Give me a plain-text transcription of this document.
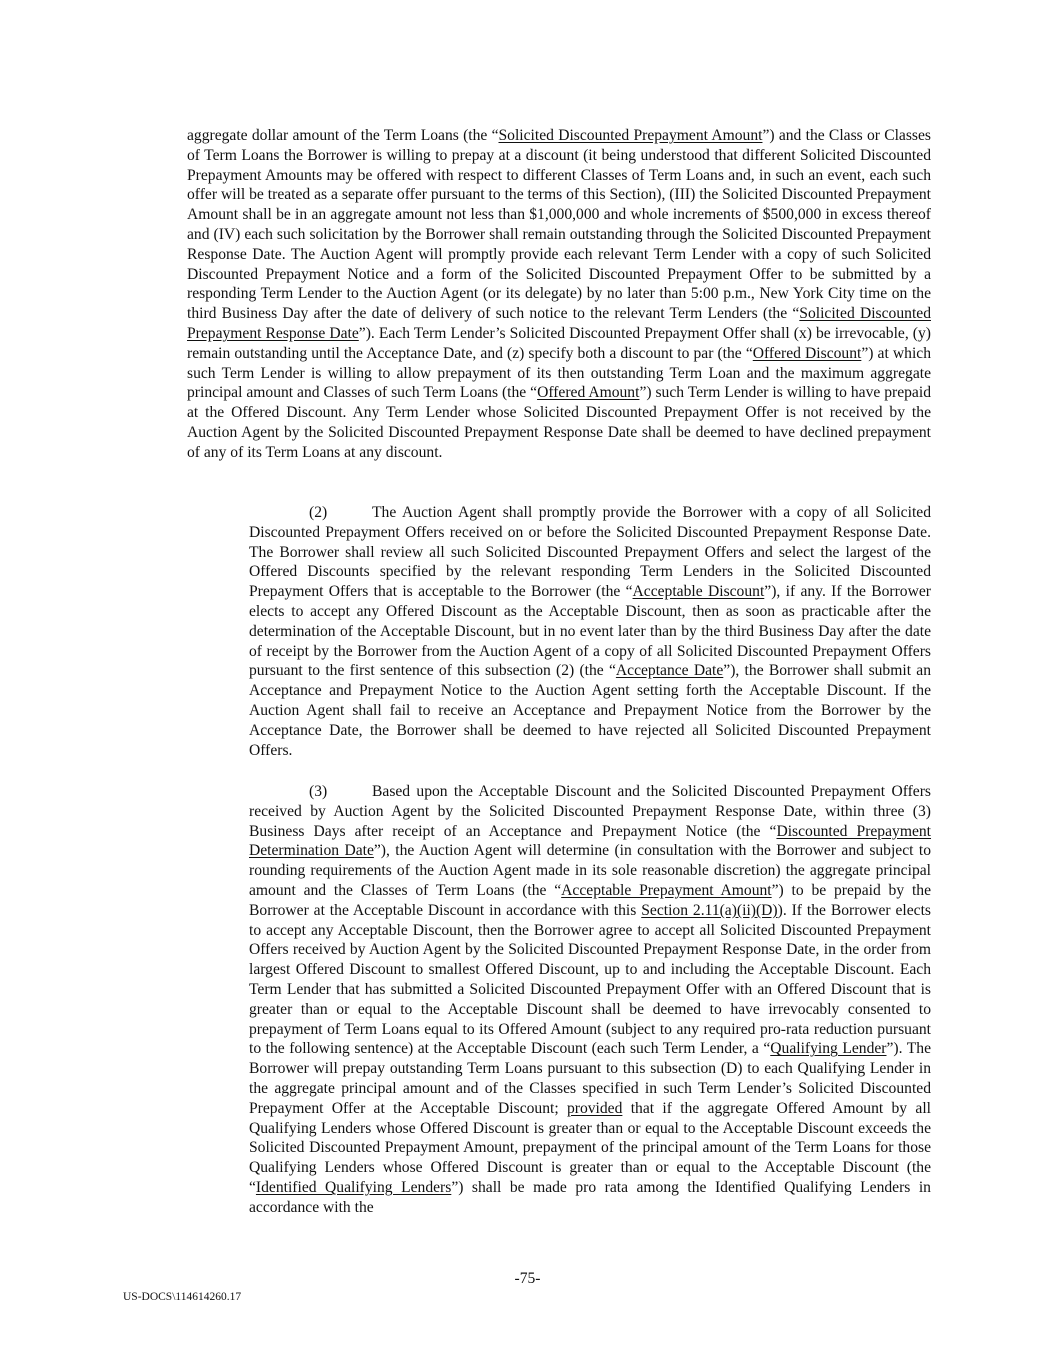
aggregate dollar amount of the Term Loans (the “Solicited Discounted Prepayment Amount”) and the Class or Classes of Term Loans the Borrower is willing to prepay at a discount (it being understood that different Solicited Discounted Prepayment Amounts may be offered with respect to different Classes of Term Loans and, in such an event, each such offer will be treated as a separate offer pursuant to the terms of this Section), (III) the Solicited Discounted Prepayment Amount shall be in an aggregate amount not less than $1,000,000 and whole increments of $500,000 in excess thereof and (IV) each such solicitation by the Borrower shall remain outstanding through the Solicited Discounted Prepayment Response Date. The Auction Agent will promptly provide each relevant Term Lender with a copy of such Solicited Discounted Prepayment Notice and a form of the Solicited Discounted Prepayment Offer to be submitted by a responding Term Lender to the Auction Agent (or its delegate) by no later than 5:00 p.m., New York City time on the third Business Day after the date of delivery of such notice to the relevant Term Lenders (the “Solicited Discounted Prepayment Response Date”). Each Term Lender’s Solicited Discounted Prepayment Offer shall (x) be irrevocable, (y) remain outstanding until the Acceptance Date, and (z) specify both a discount to par (the “Offered Discount”) at which such Term Lender is willing to allow prepayment of its then outstanding Term Loan and the maximum aggregate principal amount and Classes of such Term Loans (the “Offered Amount”) such Term Lender is willing to have prepaid at the Offered Discount. Any Term Lender whose Solicited Discounted Prepayment Offer is not received by the Auction Agent by the Solicited Discounted Prepayment Response Date shall be deemed to have declined prepayment of any of its Term Loans at any discount.

(2)	The Auction Agent shall promptly provide the Borrower with a copy of all Solicited Discounted Prepayment Offers received on or before the Solicited Discounted Prepayment Response Date. The Borrower shall review all such Solicited Discounted Prepayment Offers and select the largest of the Offered Discounts specified by the relevant responding Term Lenders in the Solicited Discounted Prepayment Offers that is acceptable to the Borrower (the “Acceptable Discount”), if any. If the Borrower elects to accept any Offered Discount as the Acceptable Discount, then as soon as practicable after the determination of the Acceptable Discount, but in no event later than by the third Business Day after the date of receipt by the Borrower from the Auction Agent of a copy of all Solicited Discounted Prepayment Offers pursuant to the first sentence of this subsection (2) (the “Acceptance Date”), the Borrower shall submit an Acceptance and Prepayment Notice to the Auction Agent setting forth the Acceptable Discount. If the Auction Agent shall fail to receive an Acceptance and Prepayment Notice from the Borrower by the Acceptance Date, the Borrower shall be deemed to have rejected all Solicited Discounted Prepayment Offers.

(3)	Based upon the Acceptable Discount and the Solicited Discounted Prepayment Offers received by Auction Agent by the Solicited Discounted Prepayment Response Date, within three (3) Business Days after receipt of an Acceptance and Prepayment Notice (the “Discounted Prepayment Determination Date”), the Auction Agent will determine (in consultation with the Borrower and subject to rounding requirements of the Auction Agent made in its sole reasonable discretion) the aggregate principal amount and the Classes of Term Loans (the “Acceptable Prepayment Amount”) to be prepaid by the Borrower at the Acceptable Discount in accordance with this Section 2.11(a)(ii)(D)). If the Borrower elects to accept any Acceptable Discount, then the Borrower agree to accept all Solicited Discounted Prepayment Offers received by Auction Agent by the Solicited Discounted Prepayment Response Date, in the order from largest Offered Discount to smallest Offered Discount, up to and including the Acceptable Discount. Each Term Lender that has submitted a Solicited Discounted Prepayment Offer with an Offered Discount that is greater than or equal to the Acceptable Discount shall be deemed to have irrevocably consented to prepayment of Term Loans equal to its Offered Amount (subject to any required pro-rata reduction pursuant to the following sentence) at the Acceptable Discount (each such Term Lender, a “Qualifying Lender”). The Borrower will prepay outstanding Term Loans pursuant to this subsection (D) to each Qualifying Lender in the aggregate principal amount and of the Classes specified in such Term Lender’s Solicited Discounted Prepayment Offer at the Acceptable Discount; provided that if the aggregate Offered Amount by all Qualifying Lenders whose Offered Discount is greater than or equal to the Acceptable Discount exceeds the Solicited Discounted Prepayment Amount, prepayment of the principal amount of the Term Loans for those Qualifying Lenders whose Offered Discount is greater than or equal to the Acceptable Discount (the “Identified Qualifying Lenders”) shall be made pro rata among the Identified Qualifying Lenders in accordance with the

-75-
US-DOCS\114614260.17
